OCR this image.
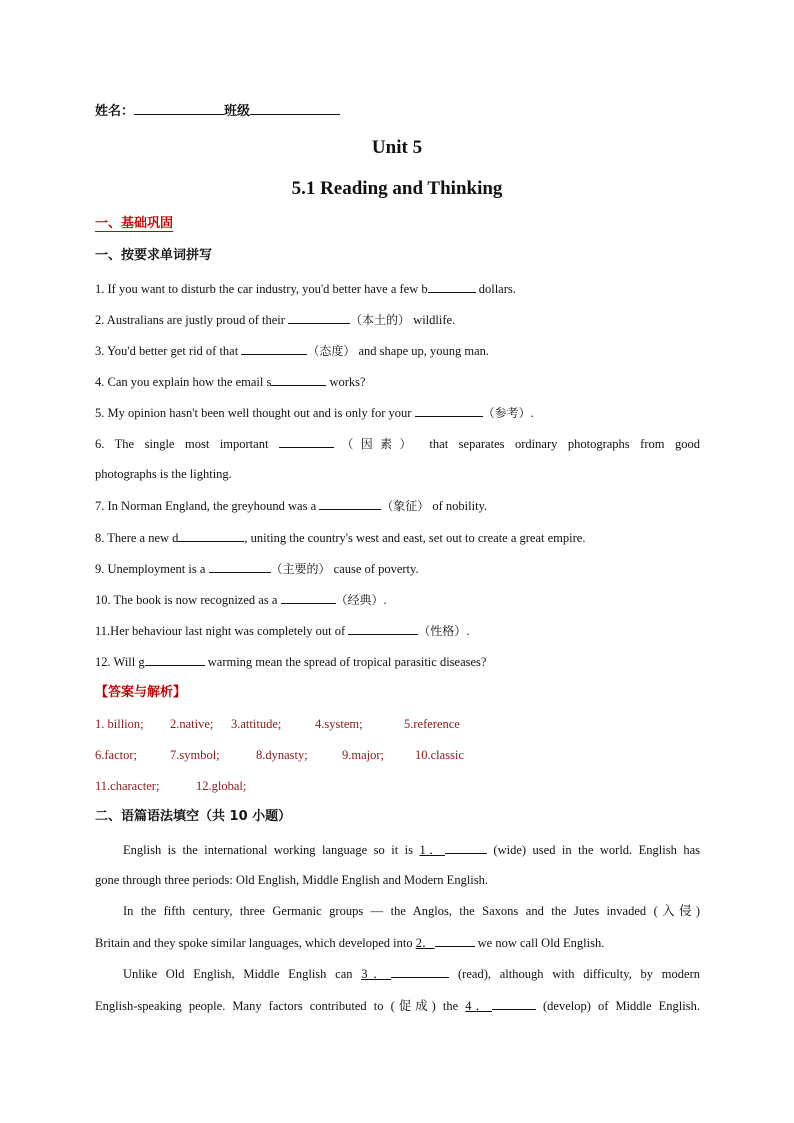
姓名：	班级
Unit 5
5.1 Reading and Thinking
一、基础巩固
一、按要求单词拼写
1. If you want to disturb the car industry, you'd better have a few b	dollars.
2. Australians are justly proud of their	（本土的） wildlife.
3. You'd better get rid of that	（态度） and shape up, young man.
4. Can you explain how the email s	works?
5. My opinion hasn't been well thought out and is only for your	（参考）.
6. The single most important	（因素） that separates ordinary photographs from good
photographs is the lighting.
7. In Norman England, the greyhound was a	（象征） of nobility.
8. There a new d	, uniting the country's west and east, set out to create a great empire.
9. Unemployment is a	（主要的） cause of poverty.
10. The book is now recognized as a	（经典）.
11.Her behaviour last night was completely out of	（性格）.
12. Will g	warming mean the spread of tropical parasitic diseases?
【答案与解析】
1. billion; 2.native; 3.attitude;	4.system;	5.reference
6.factor;	7.symbol;	8.dynasty;	9.major; 10.classic
11.character;	12.global;
二、语篇语法填空（共 10 小题）
English is the international working language so it is 1．	(wide) used in the world. English has
gone through three periods: Old English, Middle English and Modern English.
In the fifth century, three Germanic groups — the Anglos, the Saxons and the Jutes invaded (入侵)
Britain and they spoke similar languages, which developed into 2．	we now call Old English.
Unlike Old English, Middle English can 3．	(read), although with difficulty, by modern
English-speaking people. Many factors contributed to (促成) the 4．	(develop) of Middle English.
